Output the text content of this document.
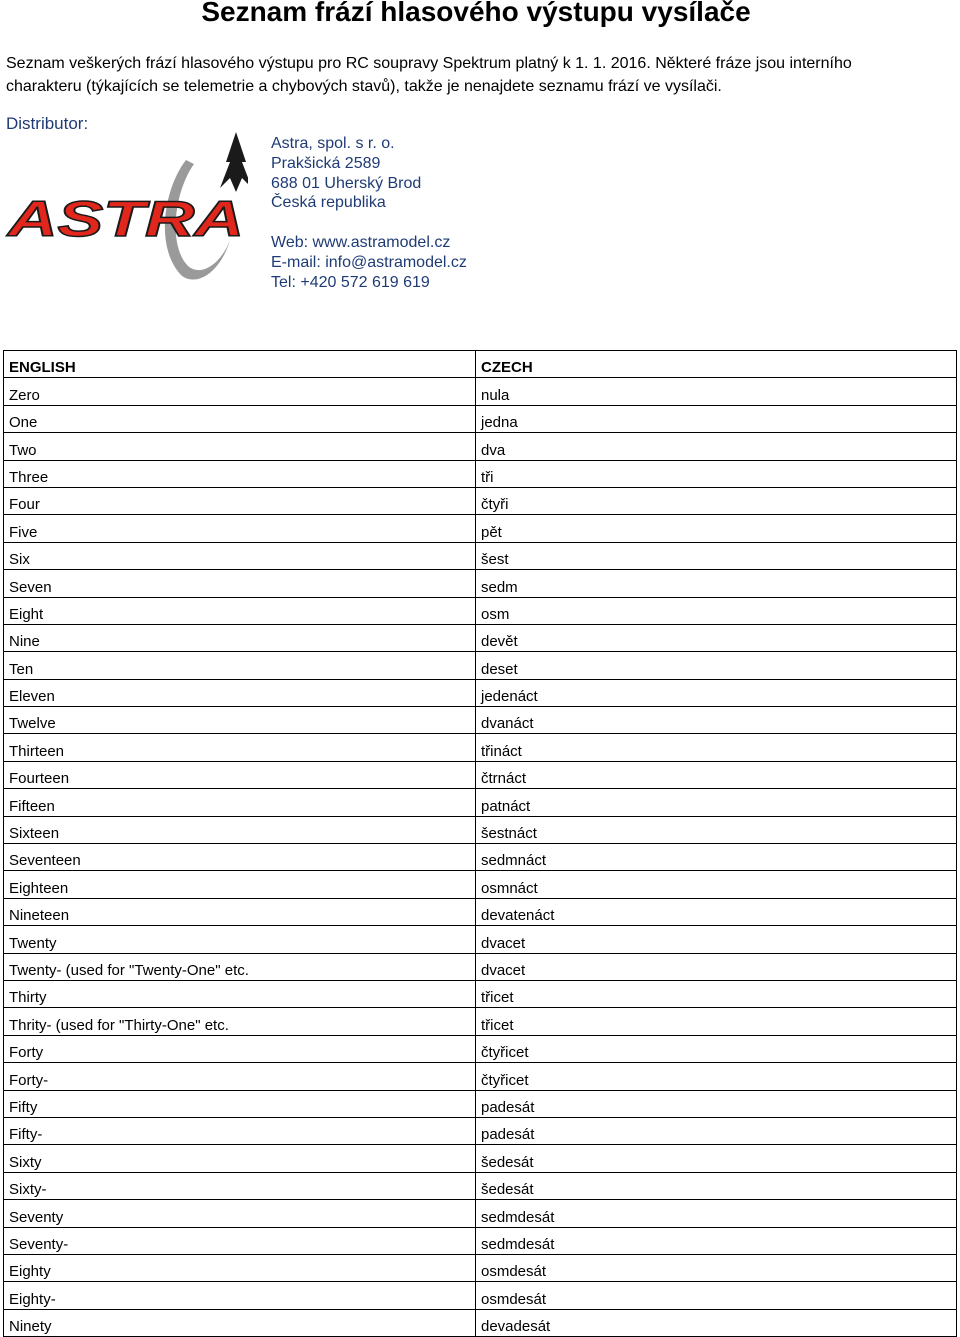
Seznam frází hlasového výstupu vysílače
Seznam veškerých frází hlasového výstupu pro RC soupravy Spektrum platný k 1. 1. 2016. Některé fráze jsou interního
charakteru (týkajících se telemetrie a chybových stavů), takže je nenajdete seznamu frází ve vysílači.
Distributor:
ASTRA
Astra, spol. s r. o.
Prakšická 2589
688 01 Uherský Brod
Česká republika
Web: www.astramodel.cz
E-mail: info@astramodel.cz
Tel: +420 572 619 619
ENGLISH	CZECH
Zero	nula
One	jedna
Two	dva
Three	tři
Four	čtyři
Five	pět
Six	šest
Seven	sedm
Eight	osm
Nine	devět
Ten	deset
Eleven	jedenáct
Twelve	dvanáct
Thirteen	třináct
Fourteen	čtrnáct
Fifteen	patnáct
Sixteen	šestnáct
Seventeen	sedmnáct
Eighteen	osmnáct
Nineteen	devatenáct
Twenty	dvacet
Twenty- (used for "Twenty-One" etc.	dvacet
Thirty	třicet
Thrity- (used for "Thirty-One" etc.	třicet
Forty	čtyřicet
Forty-	čtyřicet
Fifty	padesát
Fifty-	padesát
Sixty	šedesát
Sixty-	šedesát
Seventy	sedmdesát
Seventy-	sedmdesát
Eighty	osmdesát
Eighty-	osmdesát
Ninety	devadesát
